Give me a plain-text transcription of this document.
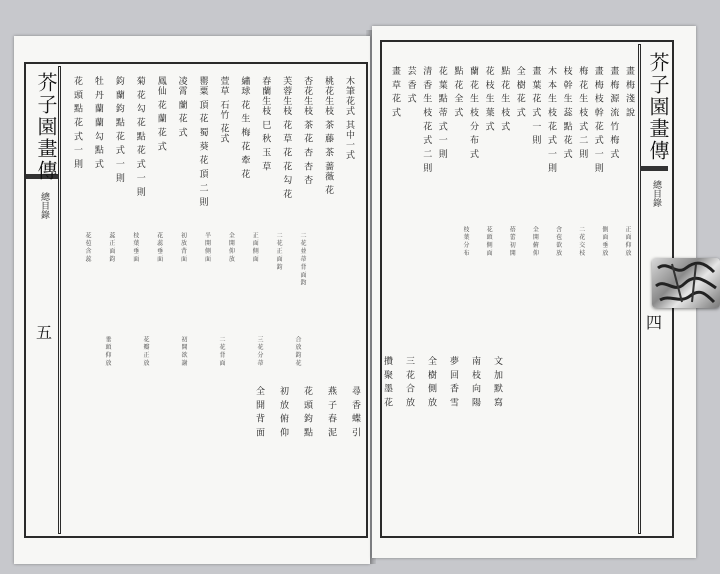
芥子園畫傳
總目錄
五
木筆花式 其中一式
桃花生枝 茶 藤 茶 薔薇 花
杏花生枝 茶 花 杏 杏 杏
芙蓉生枝 花 草 花 花 勾 花
春蘭生枝 巳 秋 玉 草
繡球 花 生 梅 花 牽 花
萱草 石竹 花式
罌粟 頂 花 蜀 葵 花 頂 二 則
凌霄 蘭 花 式
鳳仙 花 蘭 花 式
菊 花 勾 花 點 花 式 一 則
鈞 蘭 鈞 點 花 式 一 則
牡 丹 蘭 蘭 勾 點 式
花 頭 點 花 式 一 則
二 花 並 蒂 背 面 鈞
二 花 正 面 鈞
正 面 側 面
全 開 仰 放
半 開 側 面
初 放 背 面
花 蕊 垂 面
枝 葉 垂 面
蕊 正 面 鈞
花 苞 含 蕊
合 放 鈞 花
三 花 分 蒂
二 花 背 面
初 開 欲 謝
花 瓣 正 放
垂 頭 仰 放
尋 香 蝶 引
燕 子 春 泥
花 頭 鈞 點
初 放 俯 仰
全 開 背 面
芥子園畫傳
總目錄
四
畫 梅 淺 說
畫 梅 源 流 竹 梅 式
畫 梅 枝 幹 花 式 一 則
梅 花 生 枝 式 二 則
枝 幹 生 蕊 點 花 式
木 本 生 枝 花 式 一 則
畫 葉 花 式 一 則
全 樹 花 式
點 花 生 枝 式
花 枝 生 葉 式
蘭 花 生 枝 分 布 式
點 花 全 式
花 葉 點 蒂 式 一 則
清 香 生 枝 花 式 二 則
芸 香 式
畫 草 花 式
正 面 仰 放
側 面 垂 放
二 花 交 枝
含 苞 欲 放
全 開 俯 仰
蓓 蕾 初 開
花 頭 側 面
枝 葉 分 布
文 加 默 寫
南 枝 向 陽
夢 回 香 雪
全 樹 側 放
三 花 合 放
攢 聚 墨 花
